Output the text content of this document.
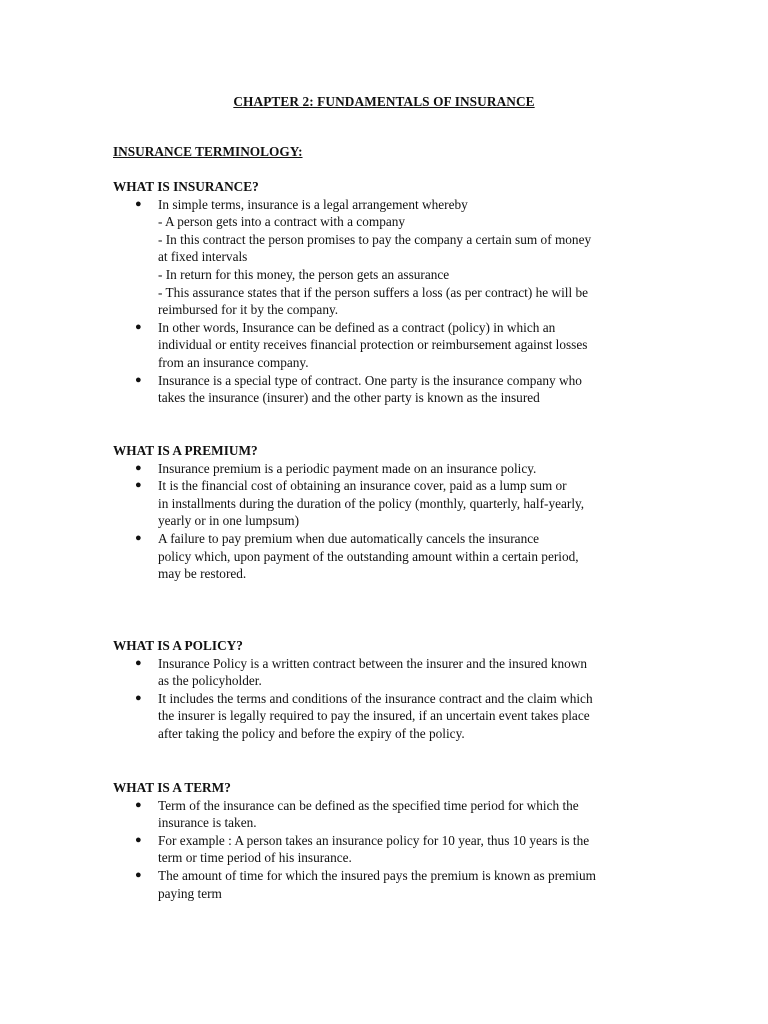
CHAPTER 2: FUNDAMENTALS OF INSURANCE
INSURANCE TERMINOLOGY:
WHAT IS INSURANCE?
● In simple terms, insurance is a legal arrangement whereby
- A person gets into a contract with a company
- In this contract the person promises to pay the company a certain sum of money
at fixed intervals
- In return for this money, the person gets an assurance
- This assurance states that if the person suffers a loss (as per contract) he will be
reimbursed for it by the company.
● In other words, Insurance can be defined as a contract (policy) in which an
individual or entity receives financial protection or reimbursement against losses
from an insurance company.
● Insurance is a special type of contract. One party is the insurance company who
takes the insurance (insurer) and the other party is known as the insured
WHAT IS A PREMIUM?
● Insurance premium is a periodic payment made on an insurance policy.
● It is the financial cost of obtaining an insurance cover, paid as a lump sum or
in installments during the duration of the policy (monthly, quarterly, half-yearly,
yearly or in one lumpsum)
● A failure to pay premium when due automatically cancels the insurance
policy which, upon payment of the outstanding amount within a certain period,
may be restored.
WHAT IS A POLICY?
● Insurance Policy is a written contract between the insurer and the insured known
as the policyholder.
● It includes the terms and conditions of the insurance contract and the claim which
the insurer is legally required to pay the insured, if an uncertain event takes place
after taking the policy and before the expiry of the policy.
WHAT IS A TERM?
● Term of the insurance can be defined as the specified time period for which the
insurance is taken.
● For example : A person takes an insurance policy for 10 year, thus 10 years is the
term or time period of his insurance.
● The amount of time for which the insured pays the premium is known as premium
paying term
